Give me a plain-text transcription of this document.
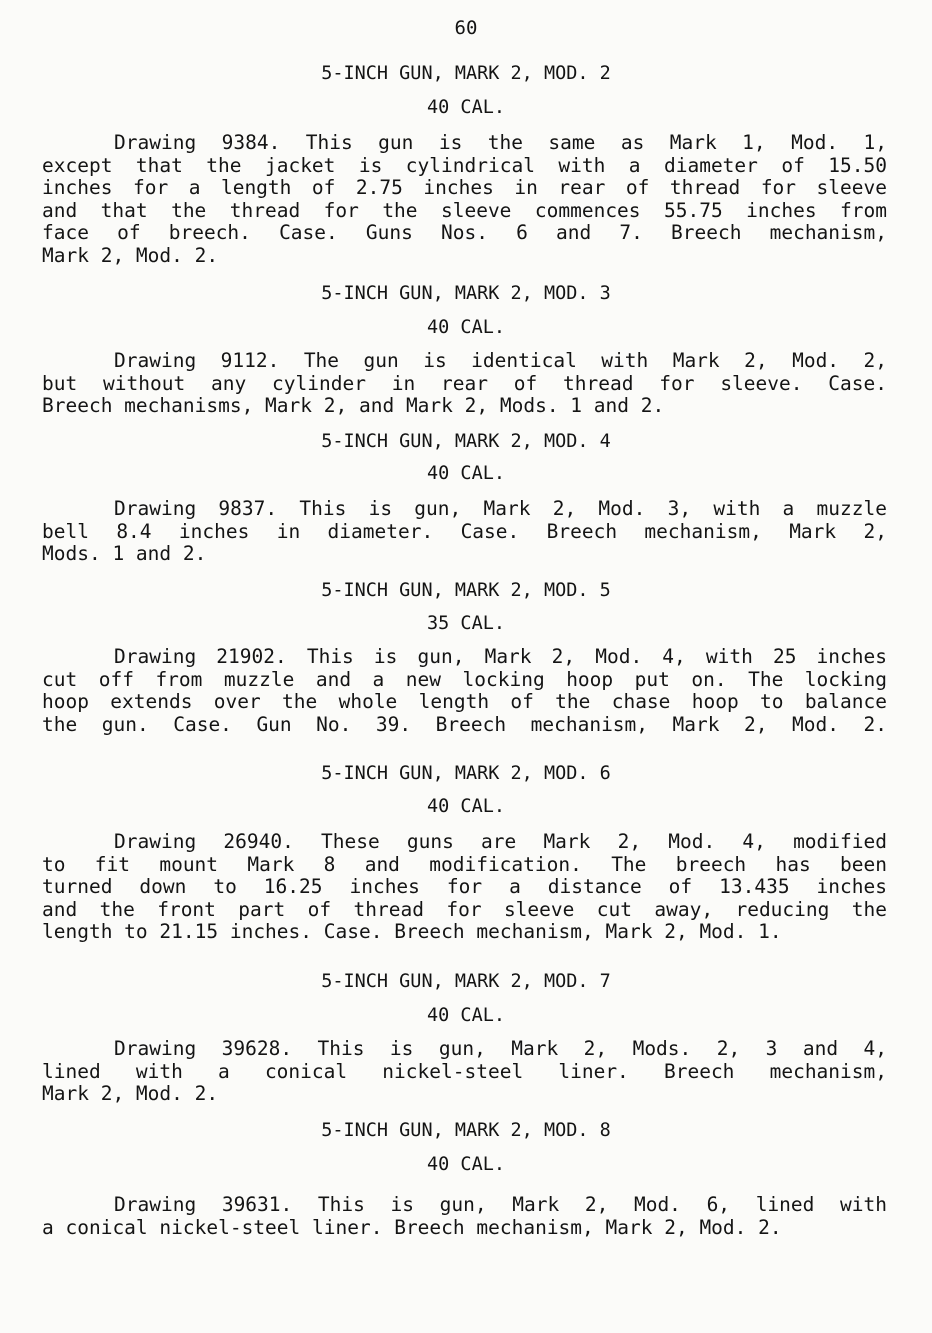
60
5-INCH GUN, MARK 2, MOD. 2
40 CAL.
Drawing 9384. This gun is the same as Mark 1, Mod. 1,
except that the jacket is cylindrical with a diameter of 15.50
inches for a length of 2.75 inches in rear of thread for sleeve
and that the thread for the sleeve commences 55.75 inches from
face of breech. Case. Guns Nos. 6 and 7. Breech mechanism,
Mark 2, Mod. 2.
5-INCH GUN, MARK 2, MOD. 3
40 CAL.
Drawing 9112. The gun is identical with Mark 2, Mod. 2,
but without any cylinder in rear of thread for sleeve. Case.
Breech mechanisms, Mark 2, and Mark 2, Mods. 1 and 2.
5-INCH GUN, MARK 2, MOD. 4
40 CAL.
Drawing 9837. This is gun, Mark 2, Mod. 3, with a muzzle
bell 8.4 inches in diameter. Case. Breech mechanism, Mark 2,
Mods. 1 and 2.
5-INCH GUN, MARK 2, MOD. 5
35 CAL.
Drawing 21902. This is gun, Mark 2, Mod. 4, with 25 inches
cut off from muzzle and a new locking hoop put on. The locking
hoop extends over the whole length of the chase hoop to balance
the gun. Case. Gun No. 39. Breech mechanism, Mark 2, Mod. 2.
5-INCH GUN, MARK 2, MOD. 6
40 CAL.
Drawing 26940. These guns are Mark 2, Mod. 4, modified
to fit mount Mark 8 and modification. The breech has been
turned down to 16.25 inches for a distance of 13.435 inches
and the front part of thread for sleeve cut away, reducing the
length to 21.15 inches. Case. Breech mechanism, Mark 2, Mod. 1.
5-INCH GUN, MARK 2, MOD. 7
40 CAL.
Drawing 39628. This is gun, Mark 2, Mods. 2, 3 and 4,
lined with a conical nickel-steel liner. Breech mechanism,
Mark 2, Mod. 2.
5-INCH GUN, MARK 2, MOD. 8
40 CAL.
Drawing 39631. This is gun, Mark 2, Mod. 6, lined with
a conical nickel-steel liner. Breech mechanism, Mark 2, Mod. 2.
